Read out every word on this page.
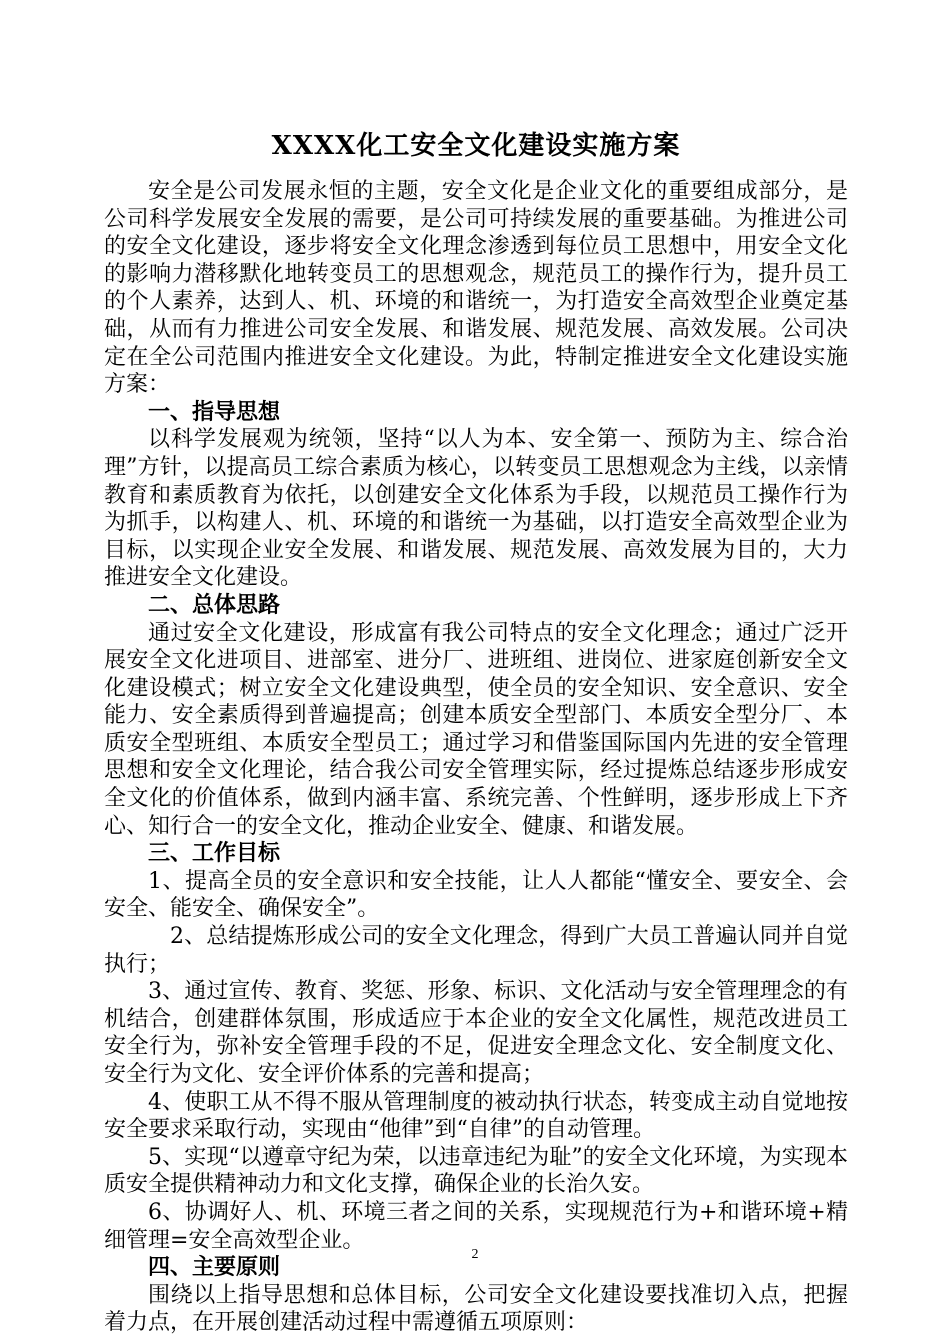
XXXX化工安全文化建设实施方案

安全是公司发展永恒的主题，安全文化是企业文化的重要组成部分，是公司科学发展安全发展的需要，是公司可持续发展的重要基础。为推进公司的安全文化建设，逐步将安全文化理念渗透到每位员工思想中，用安全文化的影响力潜移默化地转变员工的思想观念，规范员工的操作行为，提升员工的个人素养，达到人、机、环境的和谐统一，为打造安全高效型企业奠定基础，从而有力推进公司安全发展、和谐发展、规范发展、高效发展。公司决定在全公司范围内推进安全文化建设。为此，特制定推进安全文化建设实施方案：

一、指导思想

以科学发展观为统领，坚持“以人为本、安全第一、预防为主、综合治理”方针，以提高员工综合素质为核心，以转变员工思想观念为主线，以亲情教育和素质教育为依托，以创建安全文化体系为手段，以规范员工操作行为为抓手，以构建人、机、环境的和谐统一为基础，以打造安全高效型企业为目标，以实现企业安全发展、和谐发展、规范发展、高效发展为目的，大力推进安全文化建设。

二、总体思路

通过安全文化建设，形成富有我公司特点的安全文化理念；通过广泛开展安全文化进项目、进部室、进分厂、进班组、进岗位、进家庭创新安全文化建设模式；树立安全文化建设典型，使全员的安全知识、安全意识、安全能力、安全素质得到普遍提高；创建本质安全型部门、本质安全型分厂、本质安全型班组、本质安全型员工；通过学习和借鉴国际国内先进的安全管理思想和安全文化理论，结合我公司安全管理实际，经过提炼总结逐步形成安全文化的价值体系，做到内涵丰富、系统完善、个性鲜明，逐步形成上下齐心、知行合一的安全文化，推动企业安全、健康、和谐发展。

三、工作目标

1、提高全员的安全意识和安全技能，让人人都能“懂安全、要安全、会安全、能安全、确保安全”。

2、总结提炼形成公司的安全文化理念，得到广大员工普遍认同并自觉执行；

3、通过宣传、教育、奖惩、形象、标识、文化活动与安全管理理念的有机结合，创建群体氛围，形成适应于本企业的安全文化属性，规范改进员工安全行为，弥补安全管理手段的不足，促进安全理念文化、安全制度文化、安全行为文化、安全评价体系的完善和提高；

4、使职工从不得不服从管理制度的被动执行状态，转变成主动自觉地按安全要求采取行动，实现由“他律”到“自律”的自动管理。

5、实现“以遵章守纪为荣，以违章违纪为耻”的安全文化环境，为实现本质安全提供精神动力和文化支撑，确保企业的长治久安。

6、协调好人、机、环境三者之间的关系，实现规范行为+和谐环境+精细管理=安全高效型企业。

四、主要原则

围绕以上指导思想和总体目标，公司安全文化建设要找准切入点，把握着力点，在开展创建活动过程中需遵循五项原则：

2
